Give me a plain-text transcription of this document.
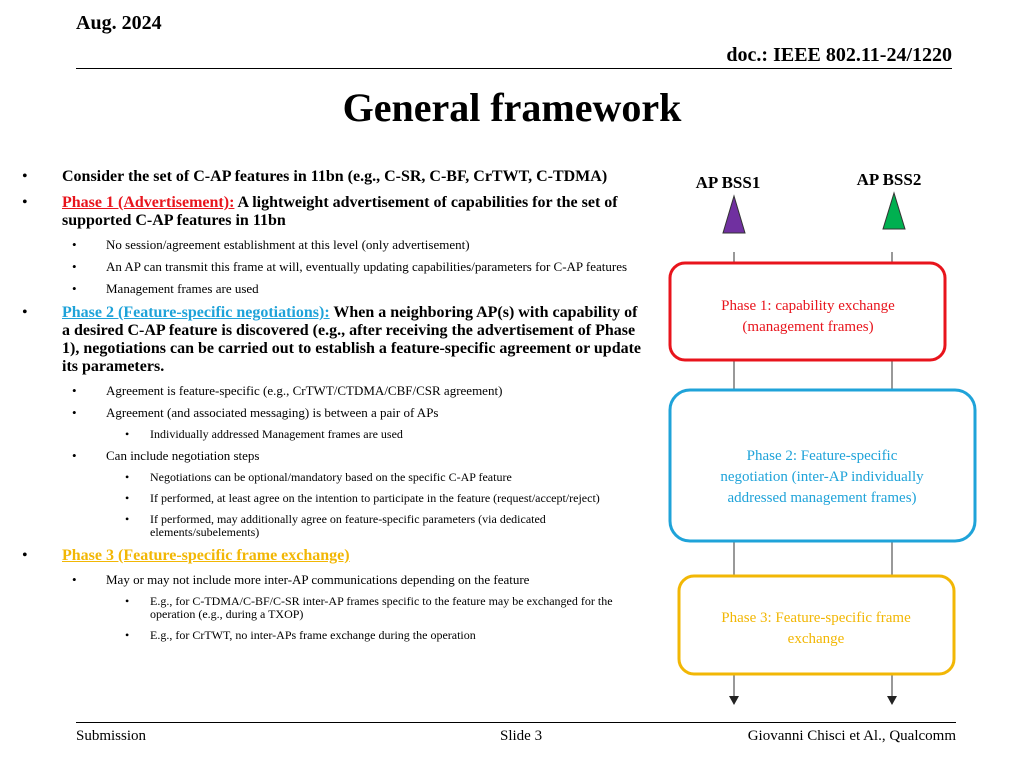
Aug. 2024
doc.: IEEE 802.11-24/1220
General framework
• Consider the set of C-AP features in 11bn (e.g., C-SR, C-BF, CrTWT, C-TDMA)
• Phase 1 (Advertisement): A lightweight advertisement of capabilities for the set of supported C-AP features in 11bn
• No session/agreement establishment at this level (only advertisement)
• An AP can transmit this frame at will, eventually updating capabilities/parameters for C-AP features
• Management frames are used
• Phase 2 (Feature-specific negotiations): When a neighboring AP(s) with capability of a desired C-AP feature is discovered (e.g., after receiving the advertisement of Phase 1), negotiations can be carried out to establish a feature-specific agreement or update its parameters.
• Agreement is feature-specific (e.g., CrTWT/CTDMA/CBF/CSR agreement)
• Agreement (and associated messaging) is between a pair of APs
• Individually addressed Management frames are used
• Can include negotiation steps
• Negotiations can be optional/mandatory based on the specific C-AP feature
• If performed, at least agree on the intention to participate in the feature (request/accept/reject)
• If performed, may additionally agree on feature-specific parameters (via dedicated elements/subelements)
• Phase 3 (Feature-specific frame exchange)
• May or may not include more inter-AP communications depending on the feature
• E.g., for C-TDMA/C-BF/C-SR inter-AP frames specific to the feature may be exchanged for the operation (e.g., during a TXOP)
• E.g., for CrTWT, no inter-APs frame exchange during the operation
AP BSS1	AP BSS2
Phase 1: capability exchange
(management frames)
Phase 2: Feature-specific
negotiation (inter-AP individually
addressed management frames)
Phase 3: Feature-specific frame
exchange
Submission	Slide 3	Giovanni Chisci et Al., Qualcomm
